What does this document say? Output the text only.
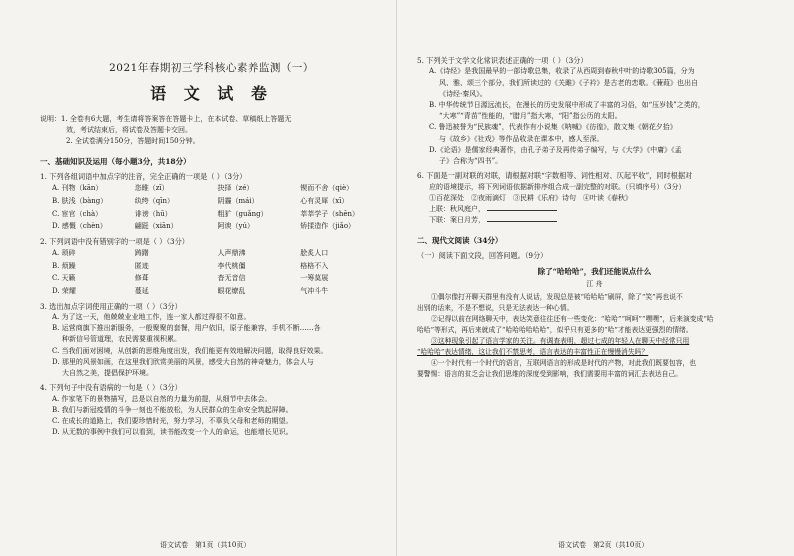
2021年春期初三学科核心素养监测（一）
语 文 试 卷
说明：1. 全卷有6大题，考生请将答案答在答题卡上，在本试卷、草稿纸上答题无
效，考试结束后，将试卷及答题卡交回。
2. 全试卷满分150分，答题时间150分钟。
一、基础知识及运用（每小题3分，共18分）
1. 下列各组词语中加点字的注音，完全正确的一项是（ ）（3分）
A. 刊物（kān）	恣睢（zī）	抉择（zé）	锲而不舍（qiè）
B. 肤浅（bàng）	纨绔（qīn）	阴霾（mái）	心有灵犀（xī）
C. 宦官（chà）	诽谤（hū）	粗犷（guǎng）	莘莘学子（shēn）
D. 感慨（chèn）	翩跹（xiān）	阿谀（yú）	矫揉造作（jiǎo）
2. 下列词语中没有错别字的一项是（ ）（3分）
A. 琐碎	踌躇	人声鼎沸	脍炙人口
B. 烦躁	匿迹	李代桃僵	格格不入
C. 天籁	修葺	杳无音信	一筹莫展
D. 荣耀	蔓延	眼花缭乱	气冲斗牛
3. 选出加点字词使用正确的一项（ ）（3分）
A. 为了这一天，他兢兢业业地工作，连一家人都过得很不如意。
B. 运营商旗下推出新服务，一般聚聚的套餐，用户依旧，原子能兼容，手机不断……各
种新信号管道理，农民需要重视积累。
C. 当我们面对困境，从创新的思维角度出发，我们能更有效地解决问题，取得良好效果。
D. 那里的风景如画，在这里我们欣赏美丽的风景，感受大自然的神奇魅力，体会人与
大自然之美，提倡保护环境。
4. 下列句子中没有语病的一句是（ ）（3分）
A. 作家笔下的景物描写，总是以自然的力量为前提，从细节中去体会。
B. 我们与新冠疫情的斗争一刻也不能放松，为人民群众的生命安全筑起屏障。
C. 在成长的道路上，我们要珍惜时光，努力学习，不辜负父母和老师的期望。
D. 从无数的事例中我们可以看到，读书能改变一个人的命运，也能增长见识。
语文试卷　第1页（共10页）
5. 下列关于文学文化常识表述正确的一项（ ）（3分）
A.《诗经》是我国最早的一部诗歌总集，收录了从西周到春秋中叶的诗歌305篇，分为
风、雅、颂三个部分，我们所读过的《关雎》《子衿》是古老的恋歌。《蒹葭》也出自
《诗经·秦风》。
B. 中华传统节日源远流长，在漫长的历史发展中形成了丰富的习俗，如“压岁钱”之类的，
“大寒”“青苗”性能的，“腊月”指大寒，“阳”指公历的太阳。
C. 鲁迅被誉为“民族魂”，代表作有小说集《呐喊》《彷徨》，散文集《朝花夕拾》
与《故乡》《社戏》等作品收录在课本中，感人至深。
D.《论语》是儒家经典著作，由孔子弟子及再传弟子编写，与《大学》《中庸》《孟
子》合称为“四书”。
6. 下面是一副对联的对联，请根据对联“字数相等、词性相对、仄起平收”，同时根据对
应的语境提示，将下列词语依据新排序组合成一副完整的对联。（只填序号）（3分）
①百花深处　②夜雨滴灯　③民耕《乐府》诗句　④叶读《春秋》
上联：秋风庭户，
下联：案日月芳，
二、现代文阅读（34分）
（一）阅读下面文段，回答问题。（9分）
除了“哈哈哈”，我们还能说点什么
江 舟
①偶尔像打开聊天群里有没有人说话，发现总是被“哈哈哈”刷屏，除了“笑”再也说不
出别的话来，不是不想说，只是无法表达一种心情。
②记得以前在网络聊天中，表达笑意往往还有一些变化：“哈哈”“呵呵”“嘿嘿”，后来演变成“哈
哈哈”等形式，再后来就成了“哈哈哈哈哈哈”，似乎只有更多的“哈”才能表达更强烈的情绪。
③这种现象引起了语言学家的关注。有调查表明，超过七成的年轻人在聊天中经常只用
“哈哈哈”表达情绪，这让我们不禁思考，语言表达的丰富性正在慢慢消失吗？
④一个时代有一个时代的语言，互联网语言的形成是时代的产物，对此我们既要包容，也
要警惕：语言的贫乏会让我们思维的深度受到影响，我们需要用丰富的词汇去表达自己。
语文试卷　第2页（共10页）
